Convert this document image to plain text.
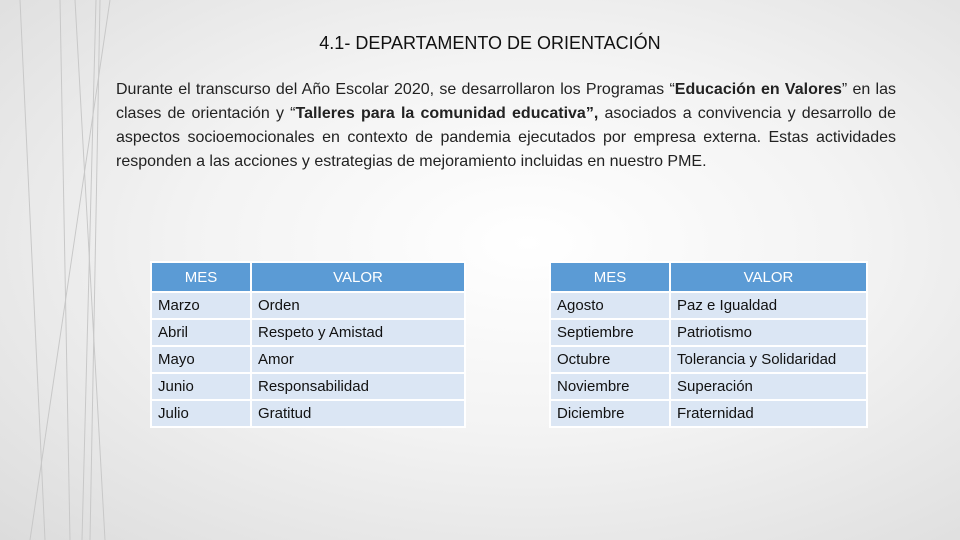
4.1- DEPARTAMENTO DE ORIENTACIÓN

Durante el transcurso del Año Escolar 2020, se desarrollaron los Programas “Educación en Valores” en las clases de orientación y “Talleres para la comunidad educativa”, asociados a convivencia y desarrollo de aspectos socioemocionales en contexto de pandemia ejecutados por empresa externa. Estas actividades responden a las acciones y estrategias de mejoramiento incluidas en nuestro PME.

MES	VALOR
Marzo	Orden
Abril	Respeto y Amistad
Mayo	Amor
Junio	Responsabilidad
Julio	Gratitud
MES	VALOR
Agosto	Paz e Igualdad
Septiembre	Patriotismo
Octubre	Tolerancia y Solidaridad
Noviembre	Superación
Diciembre	Fraternidad
